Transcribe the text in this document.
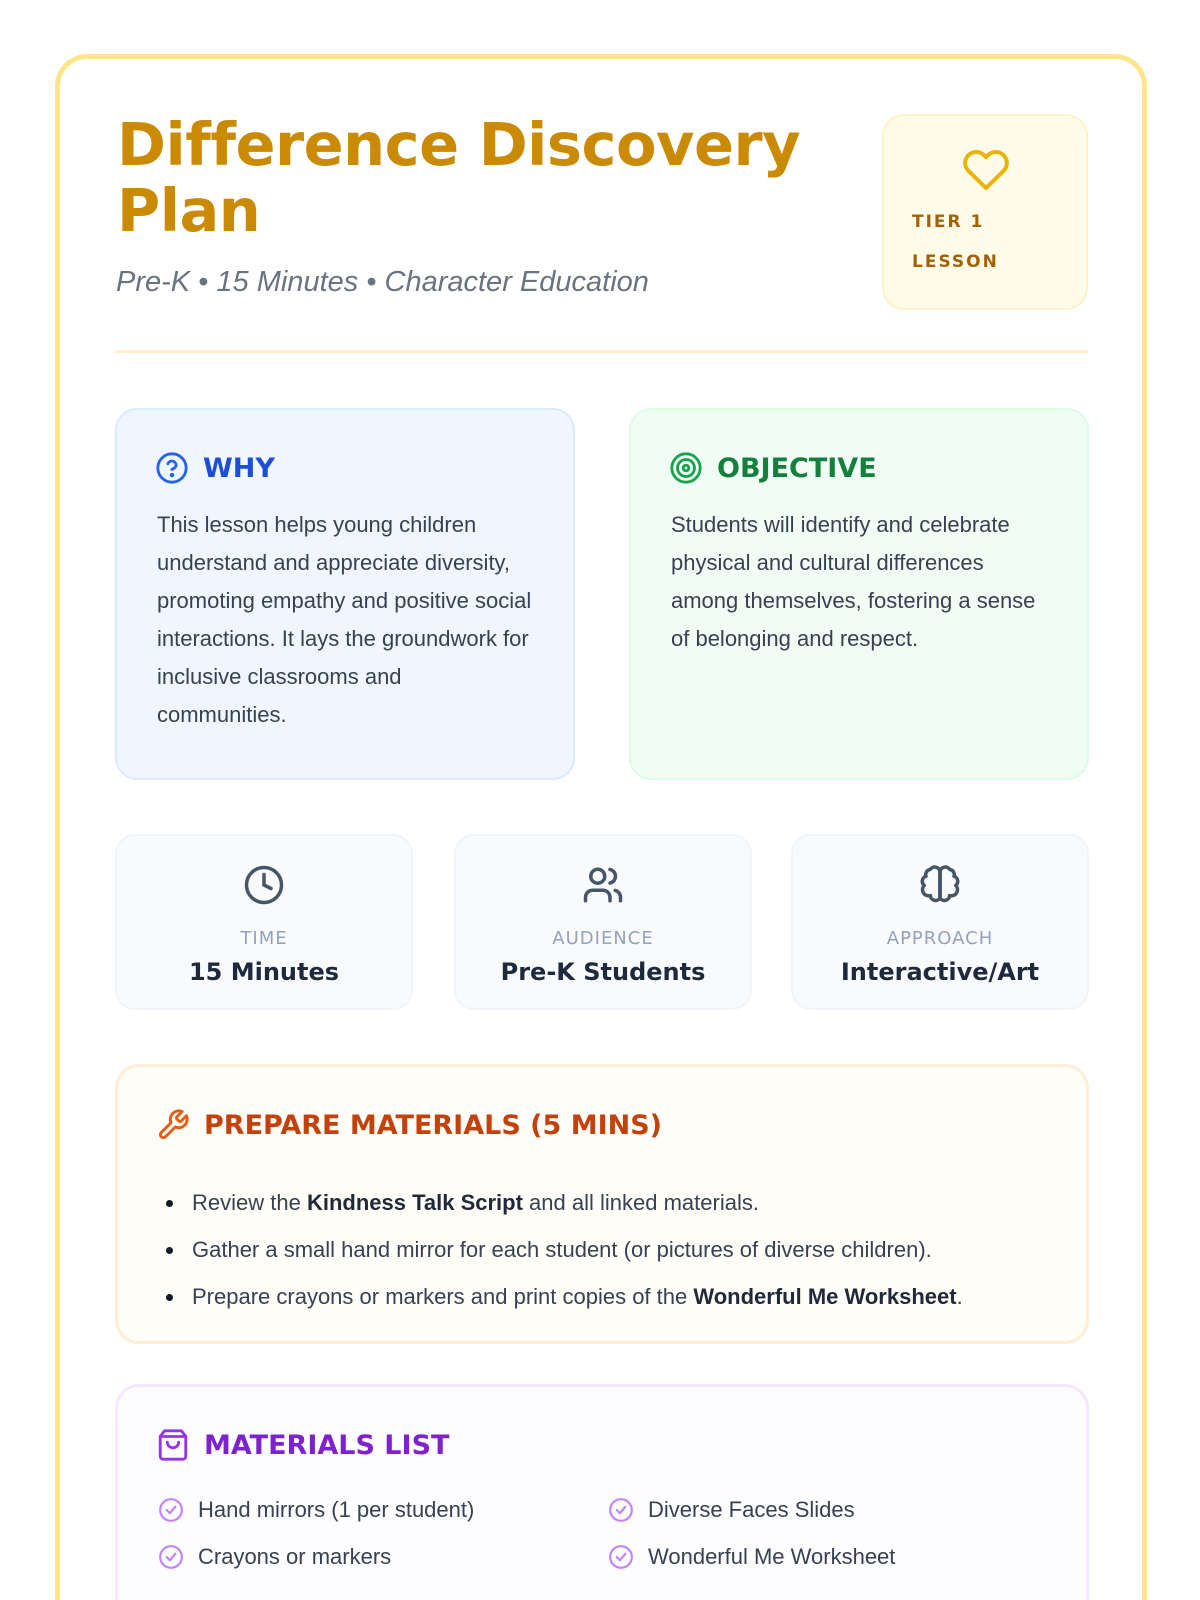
Difference Discovery Plan
Pre-K • 15 Minutes • Character Education
TIER 1
LESSON
WHY

This lesson helps young children understand and appreciate diversity, promoting empathy and positive social interactions. It lays the groundwork for inclusive classrooms and communities.

OBJECTIVE

Students will identify and celebrate physical and cultural differences among themselves, fostering a sense of belonging and respect.

TIME
15 Minutes
AUDIENCE
Pre-K Students
APPROACH
Interactive/Art
PREPARE MATERIALS (5 MINS)
Review the Kindness Talk Script and all linked materials.
Gather a small hand mirror for each student (or pictures of diverse children).
Prepare crayons or markers and print copies of the Wonderful Me Worksheet.
MATERIALS LIST
Hand mirrors (1 per student)	Diverse Faces Slides
Crayons or markers	Wonderful Me Worksheet
